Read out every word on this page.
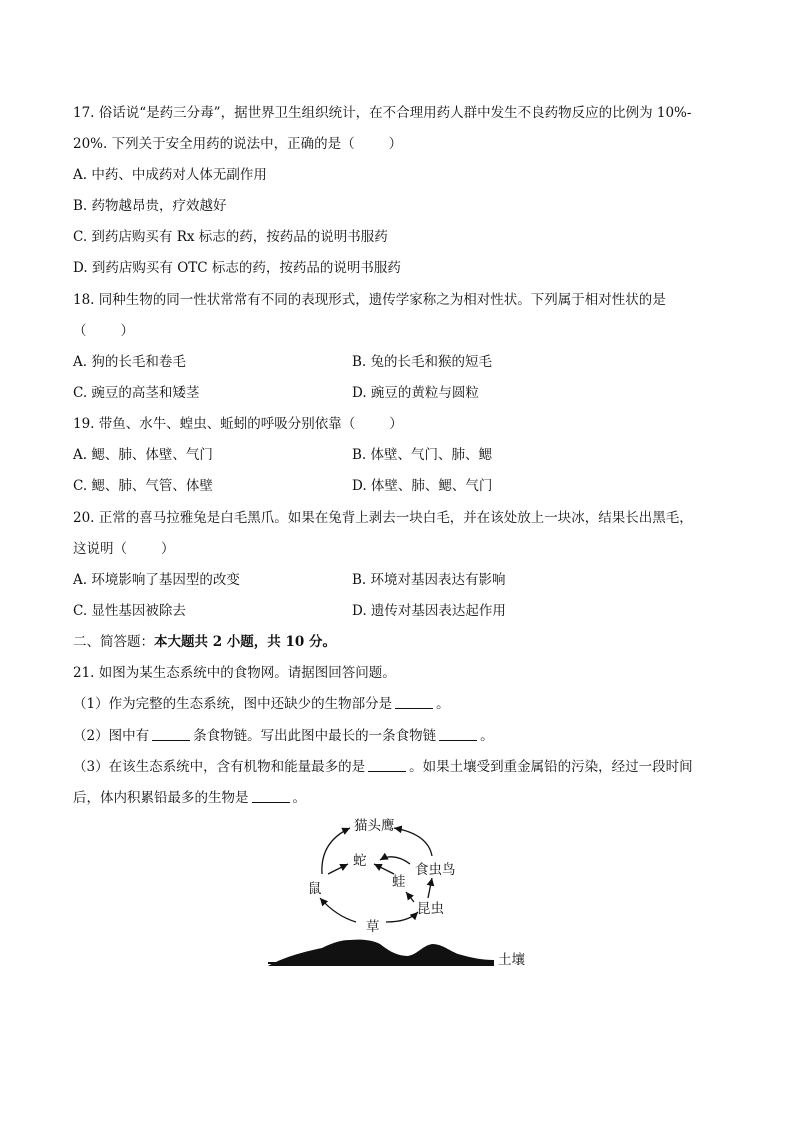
17. 俗话说“是药三分毒”，据世界卫生组织统计，在不合理用药人群中发生不良药物反应的比例为 10%-
20%. 下列关于安全用药的说法中，正确的是（	）
A. 中药、中成药对人体无副作用
B. 药物越昂贵，疗效越好
C. 到药店购买有 Rx 标志的药，按药品的说明书服药
D. 到药店购买有 OTC 标志的药，按药品的说明书服药
18. 同种生物的同一性状常常有不同的表现形式，遗传学家称之为相对性状。下列属于相对性状的是
（	）
A. 狗的长毛和卷毛	B. 兔的长毛和猴的短毛
C. 豌豆的高茎和矮茎	D. 豌豆的黄粒与圆粒
19. 带鱼、水牛、蝗虫、蚯蚓的呼吸分别依靠（	）
A. 鳃、肺、体壁、气门	B. 体壁、气门、肺、鳃
C. 鳃、肺、气管、体壁	D. 体壁、肺、鳃、气门
20. 正常的喜马拉雅兔是白毛黑爪。如果在兔背上剥去一块白毛，并在该处放上一块冰，结果长出黑毛，
这说明（	）
A. 环境影响了基因型的改变	B. 环境对基因表达有影响
C. 显性基因被除去	D. 遗传对基因表达起作用
二、简答题：本大题共 2 小题，共 10 分。
21. 如图为某生态系统中的食物网。请据图回答问题。
（1）作为完整的生态系统，图中还缺少的生物部分是	。
（2）图中有	条食物链。写出此图中最长的一条食物链	。
（3）在该生态系统中，含有机物和能量最多的是	。如果土壤受到重金属铅的污染，经过一段时间
后，体内积累铅最多的生物是	。
猫头鹰
蛇
食虫鸟
鼠	蛙
昆虫
草
土壤
